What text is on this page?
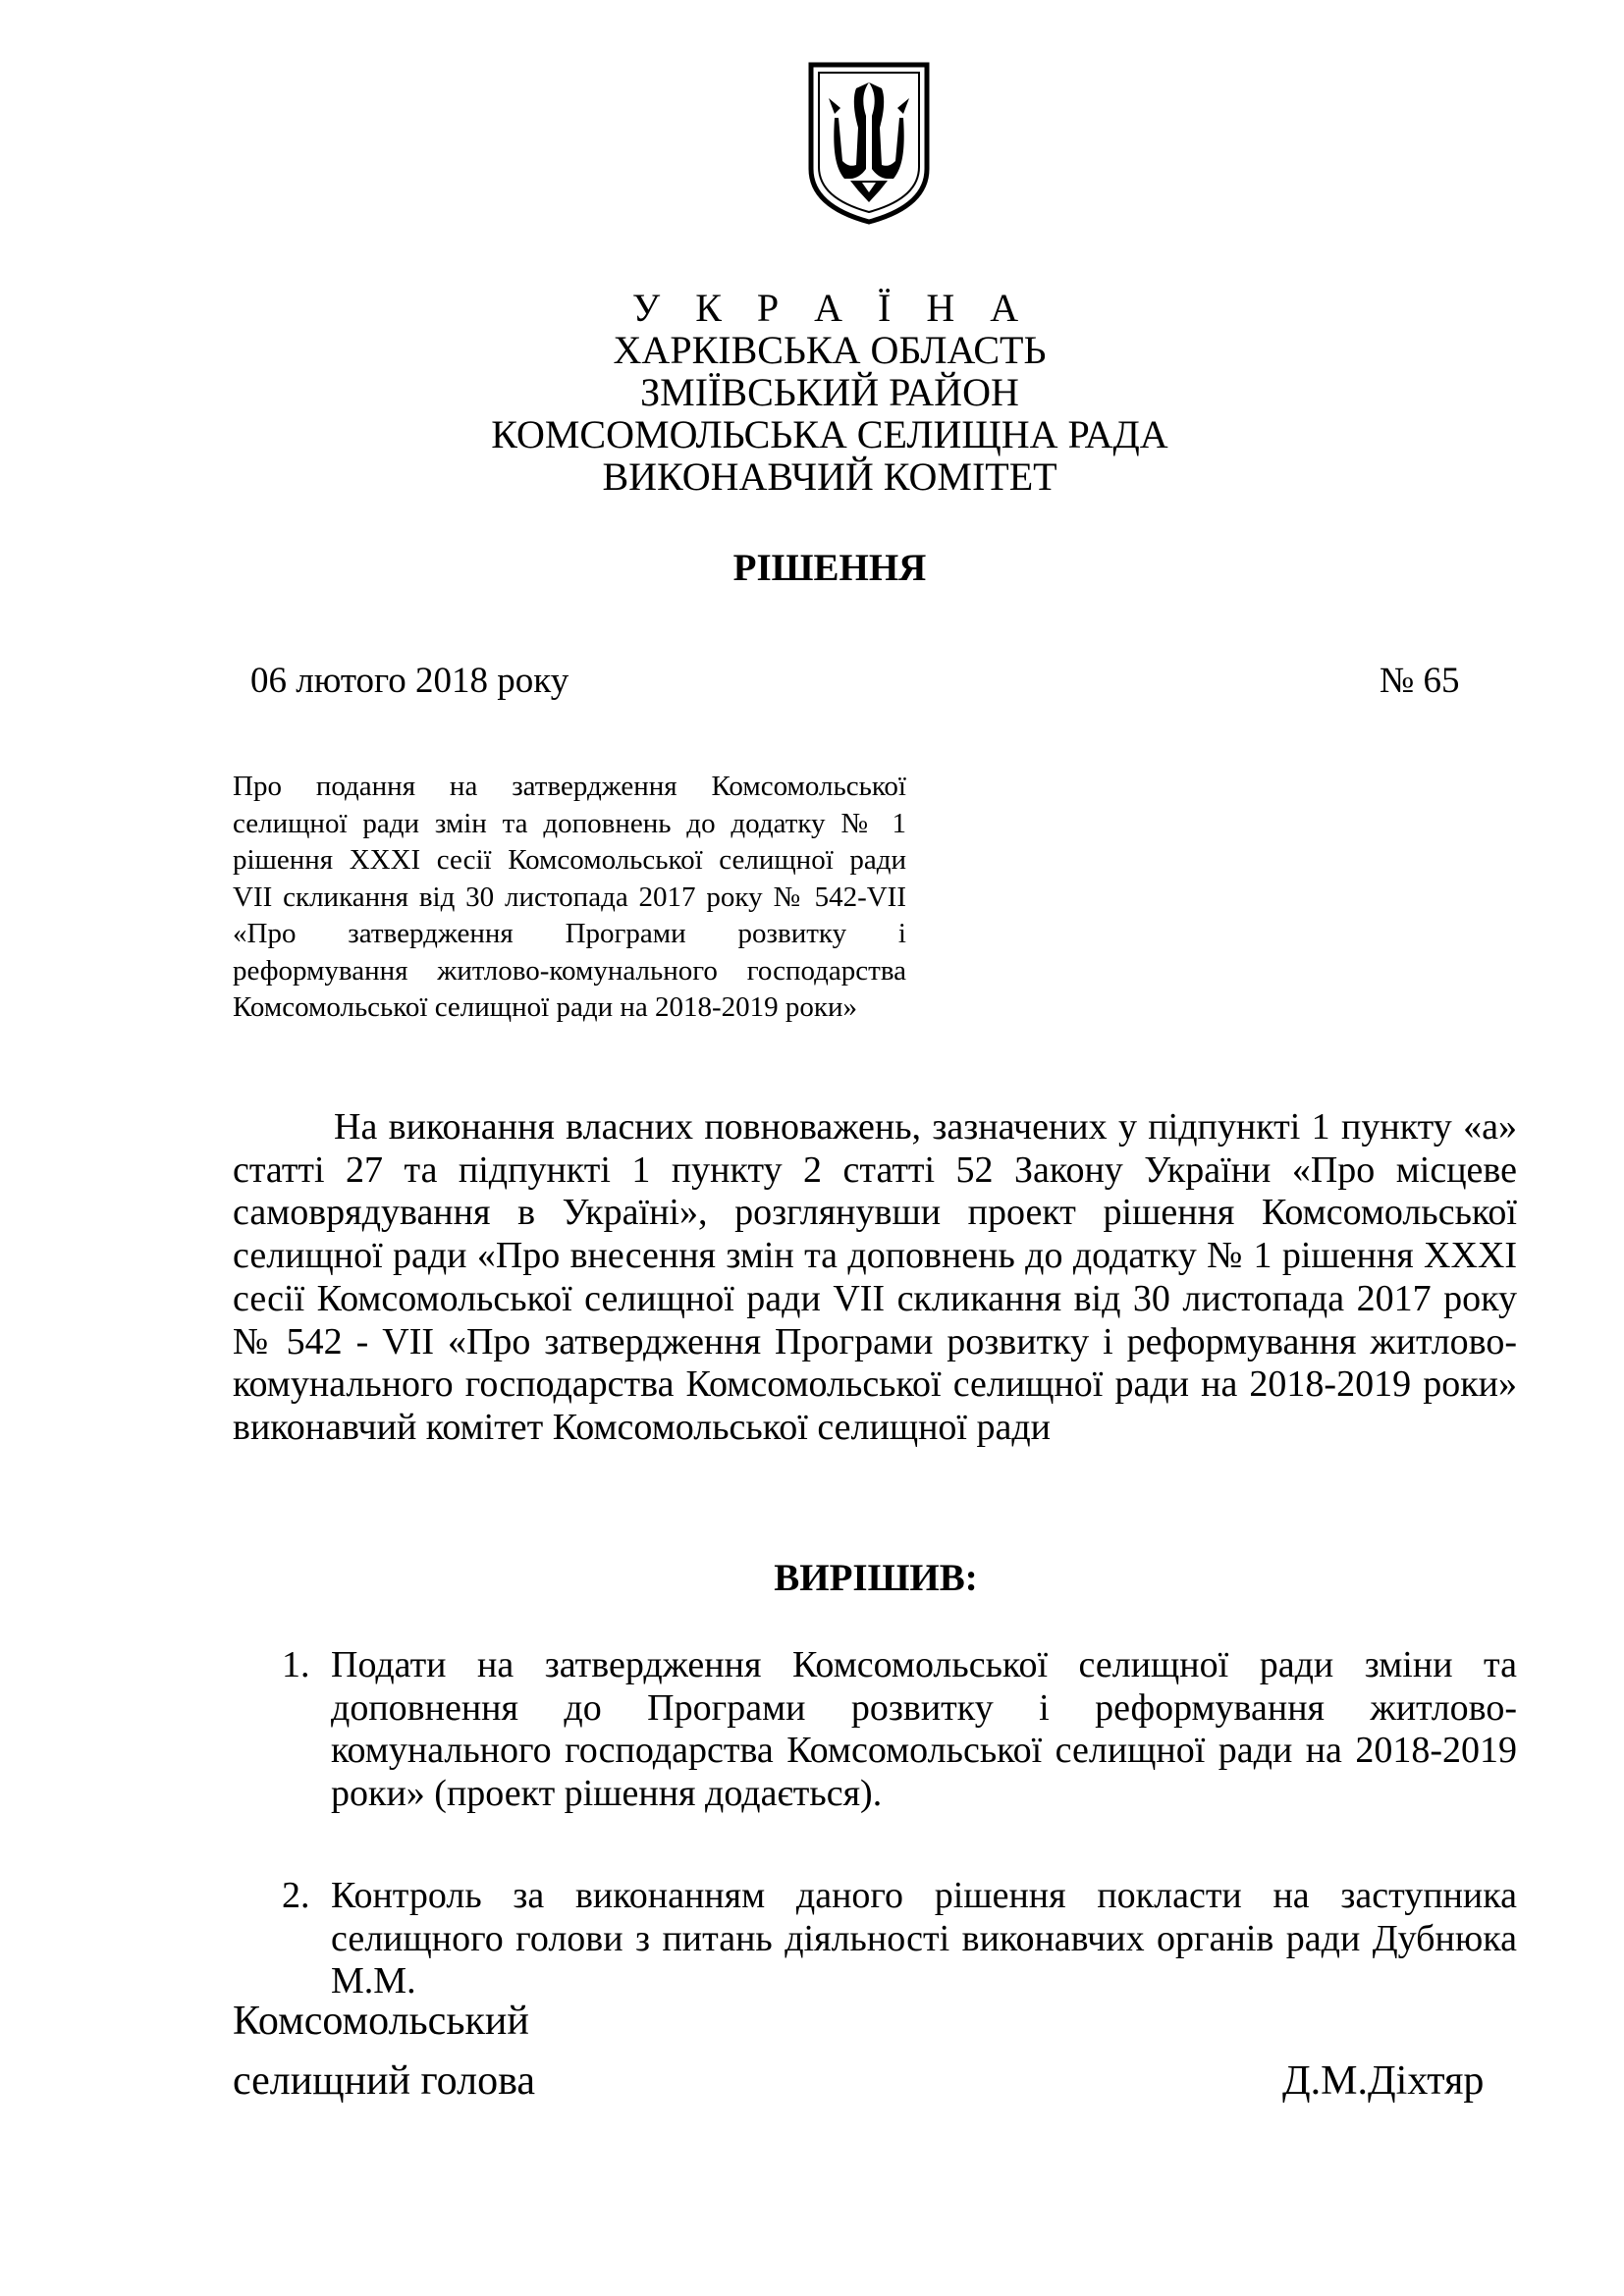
У К Р А Ї Н А
ХАРКІВСЬКА ОБЛАСТЬ
ЗМІЇВСЬКИЙ РАЙОН
КОМСОМОЛЬСЬКА СЕЛИЩНА РАДА
ВИКОНАВЧИЙ КОМІТЕТ
РІШЕННЯ
06 лютого 2018 року	№ 65
Про подання на затвердження Комсомольської селищної ради змін та доповнень до додатку № 1 рішення XXXI сесії Комсомольської селищної ради VII скликання від 30 листопада 2017 року № 542-VII «Про затвердження Програми розвитку і реформування житлово-комунального господарства Комсомольської селищної ради на 2018-2019 роки»
На виконання власних повноважень, зазначених у підпункті 1 пункту «а» статті 27 та підпункті 1 пункту 2 статті 52 Закону України «Про місцеве самоврядування в Україні», розглянувши проект рішення Комсомольської селищної ради «Про внесення змін та доповнень до додатку № 1 рішення XXXI сесії Комсомольської селищної ради VII скликання від 30 листопада 2017 року № 542 - VII «Про затвердження Програми розвитку і реформування житлово-комунального господарства Комсомольської селищної ради на 2018-2019 роки» виконавчий комітет Комсомольської селищної ради
ВИРІШИВ:
1. Подати на затвердження Комсомольської селищної ради зміни та доповнення до Програми розвитку і реформування житлово-комунального господарства Комсомольської селищної ради на 2018-2019 роки» (проект рішення додається).
2. Контроль за виконанням даного рішення покласти на заступника селищного голови з питань діяльності виконавчих органів ради Дубнюка М.М.
Комсомольський
селищний голова	Д.М.Діхтяр
